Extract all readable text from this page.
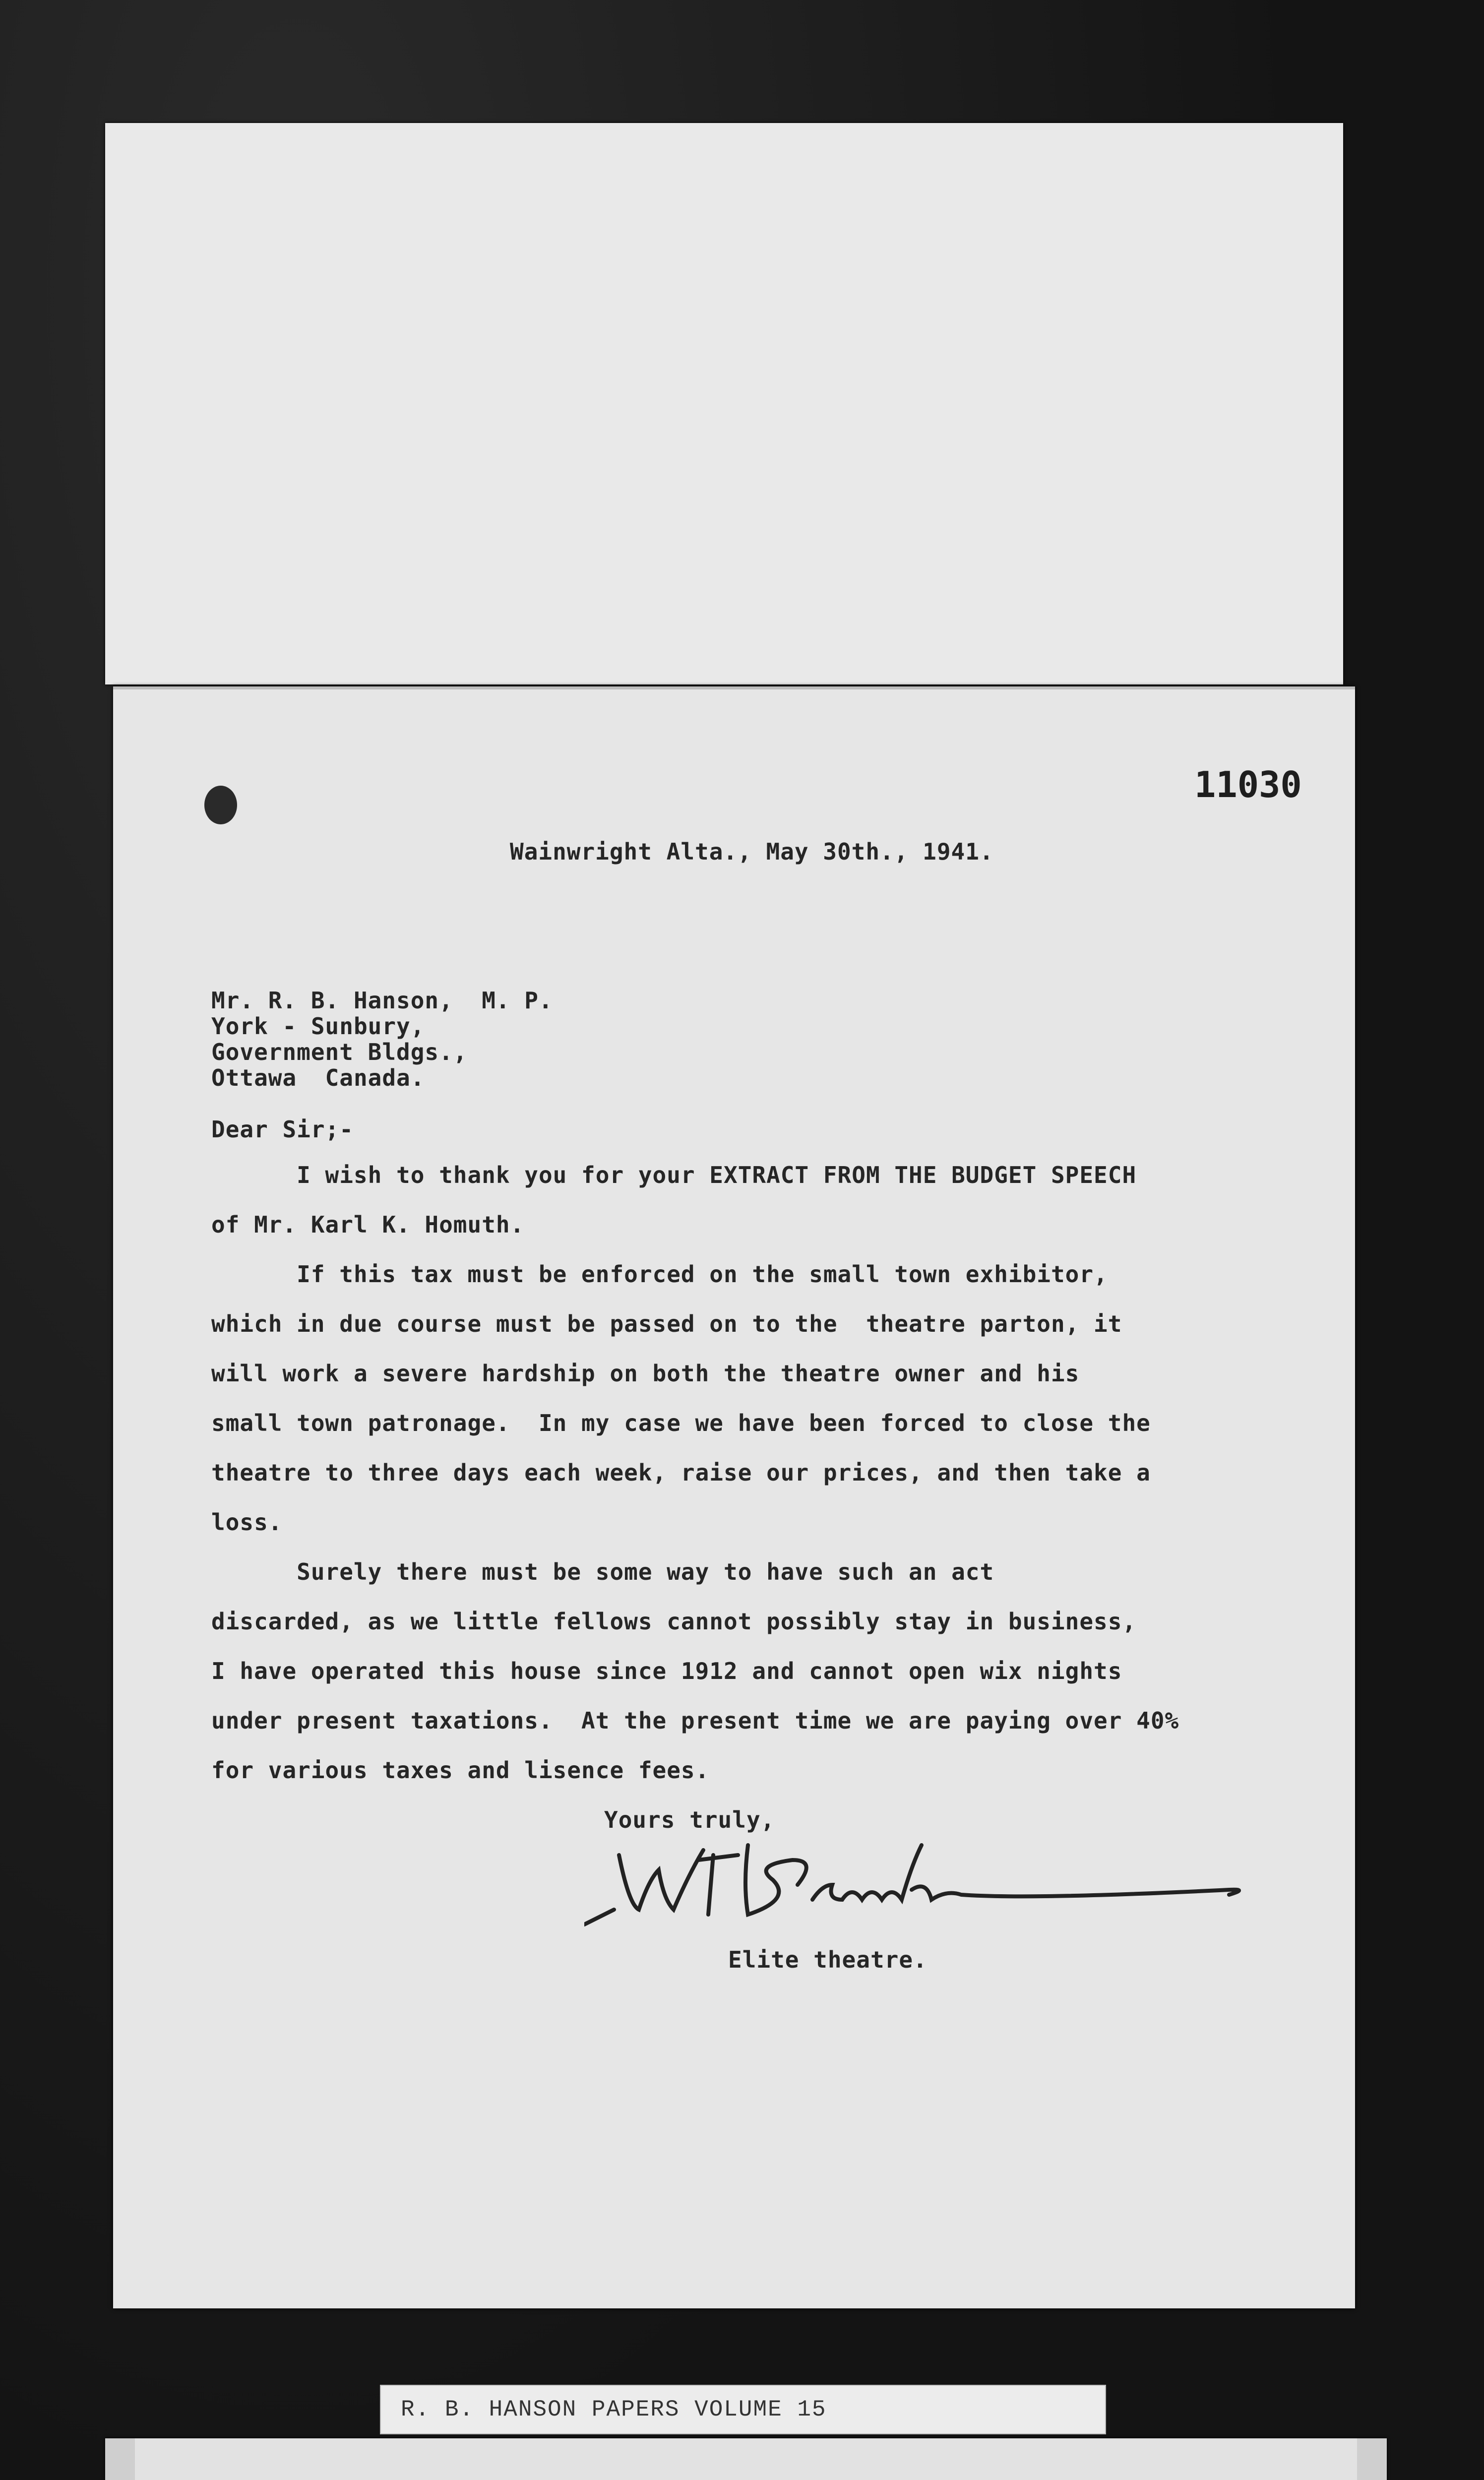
11030
Wainwright Alta., May 30th., 1941.
Mr. R. B. Hanson,  M. P.
York - Sunbury,
Government Bldgs.,
Ottawa  Canada.
Dear Sir;-
I wish to thank you for your EXTRACT FROM THE BUDGET SPEECH
of Mr. Karl K. Homuth.
If this tax must be enforced on the small town exhibitor,
which in due course must be passed on to the  theatre parton, it
will work a severe hardship on both the theatre owner and his
small town patronage.  In my case we have been forced to close the
theatre to three days each week, raise our prices, and then take a
loss.
Surely there must be some way to have such an act
discarded, as we little fellows cannot possibly stay in business,
I have operated this house since 1912 and cannot open wix nights
under present taxations.  At the present time we are paying over 40%
for various taxes and lisence fees.
Yours truly,
Elite theatre.
R. B. HANSON PAPERS VOLUME 15
